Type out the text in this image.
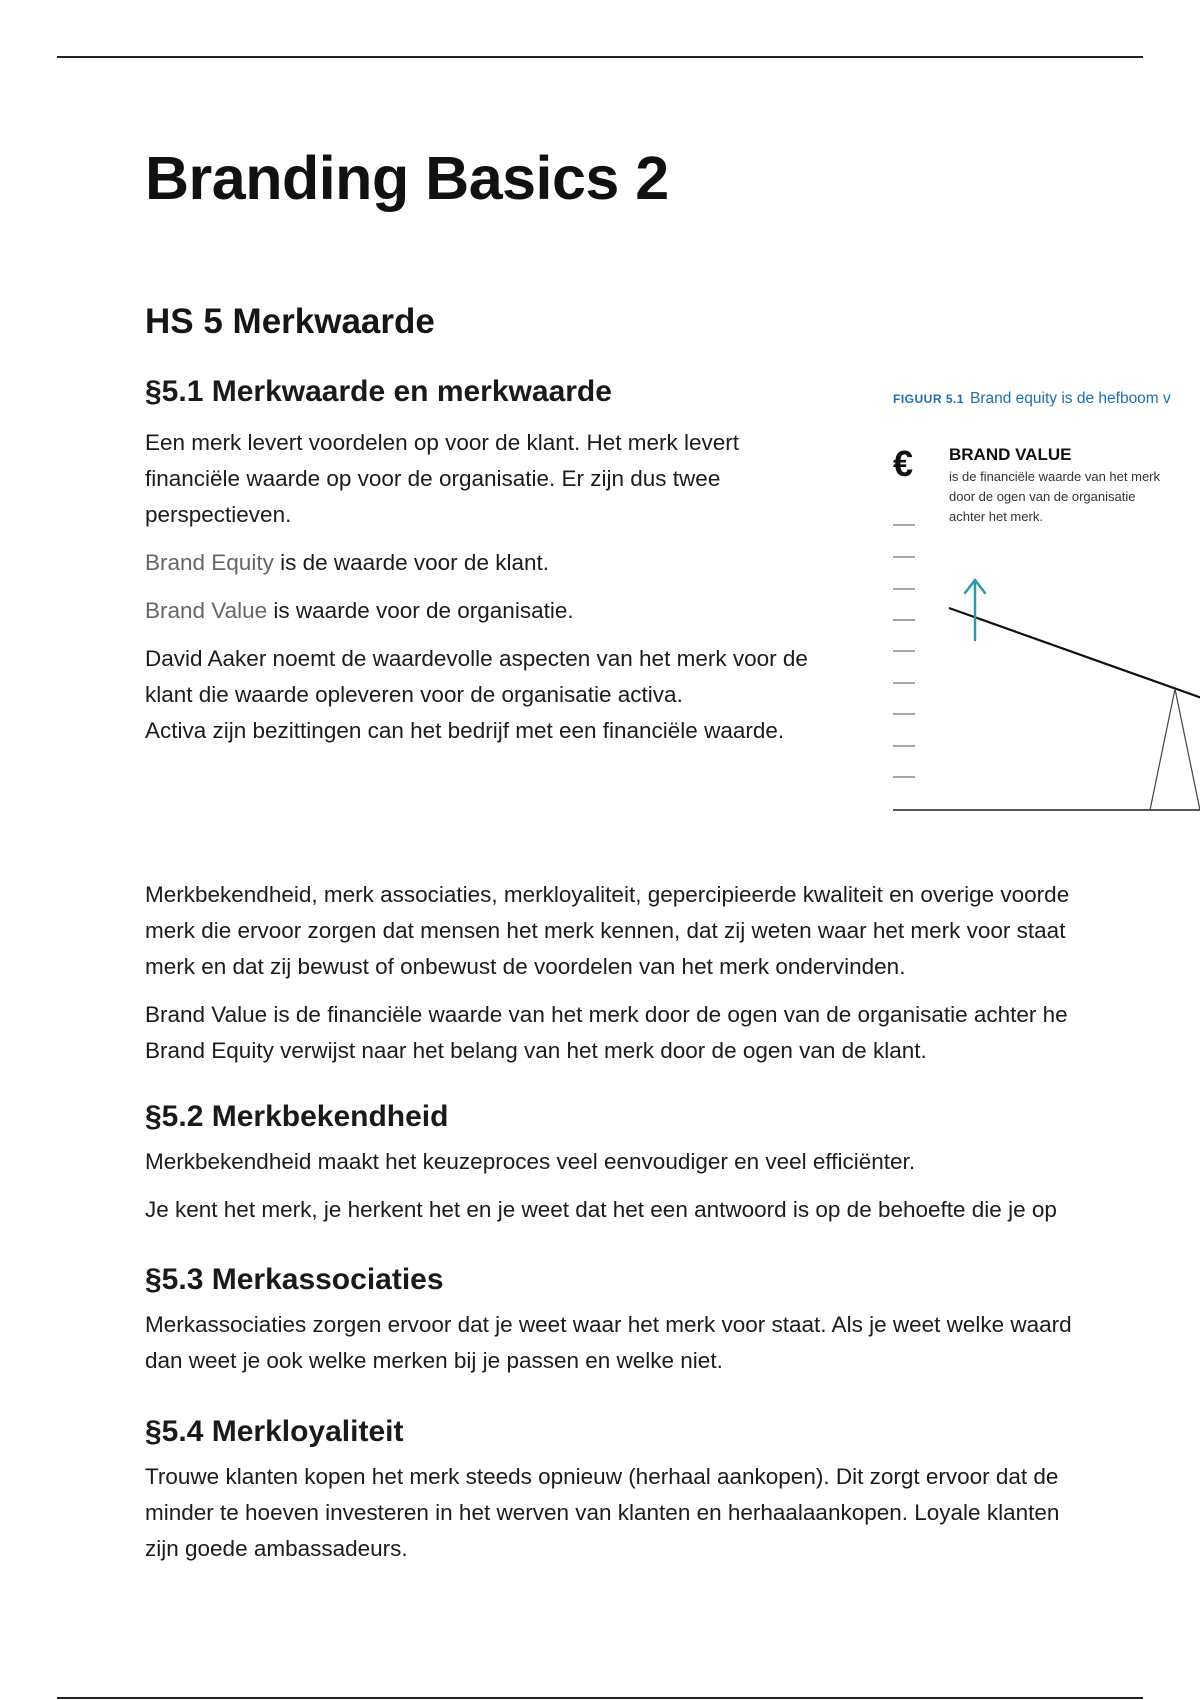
Branding Basics 2
HS 5 Merkwaarde
§5.1 Merkwaarde en merkwaarde

Een merk levert voordelen op voor de klant. Het merk levert financiële waarde op voor de organisatie. Er zijn dus twee perspectieven.

Brand Equity is de waarde voor de klant.

Brand Value is waarde voor de organisatie.

David Aaker noemt de waardevolle aspecten van het merk voor de klant die waarde opleveren voor de organisatie activa.

Activa zijn bezittingen can het bedrijf met een financiële waarde.

Merkbekendheid, merk associaties, merkloyaliteit, gepercipieerde kwaliteit en overige voorde
merk die ervoor zorgen dat mensen het merk kennen, dat zij weten waar het merk voor staat
merk en dat zij bewust of onbewust de voordelen van het merk ondervinden.

Brand Value is de financiële waarde van het merk door de ogen van de organisatie achter he
Brand Equity verwijst naar het belang van het merk door de ogen van de klant.

§5.2 Merkbekendheid

Merkbekendheid maakt het keuzeproces veel eenvoudiger en veel efficiënter.

Je kent het merk, je herkent het en je weet dat het een antwoord is op de behoefte die je op

§5.3 Merkassociaties

Merkassociaties zorgen ervoor dat je weet waar het merk voor staat. Als je weet welke waard
dan weet je ook welke merken bij je passen en welke niet.

§5.4 Merkloyaliteit

Trouwe klanten kopen het merk steeds opnieuw (herhaal aankopen). Dit zorgt ervoor dat de
minder te hoeven investeren in het werven van klanten en herhaalaankopen. Loyale klanten
zijn goede ambassadeurs.

FIGUUR 5.1 Brand equity is de hefboom v
€ BRAND VALUE
is de financiële waarde van het merk door de ogen van de organisatie achter het merk.
